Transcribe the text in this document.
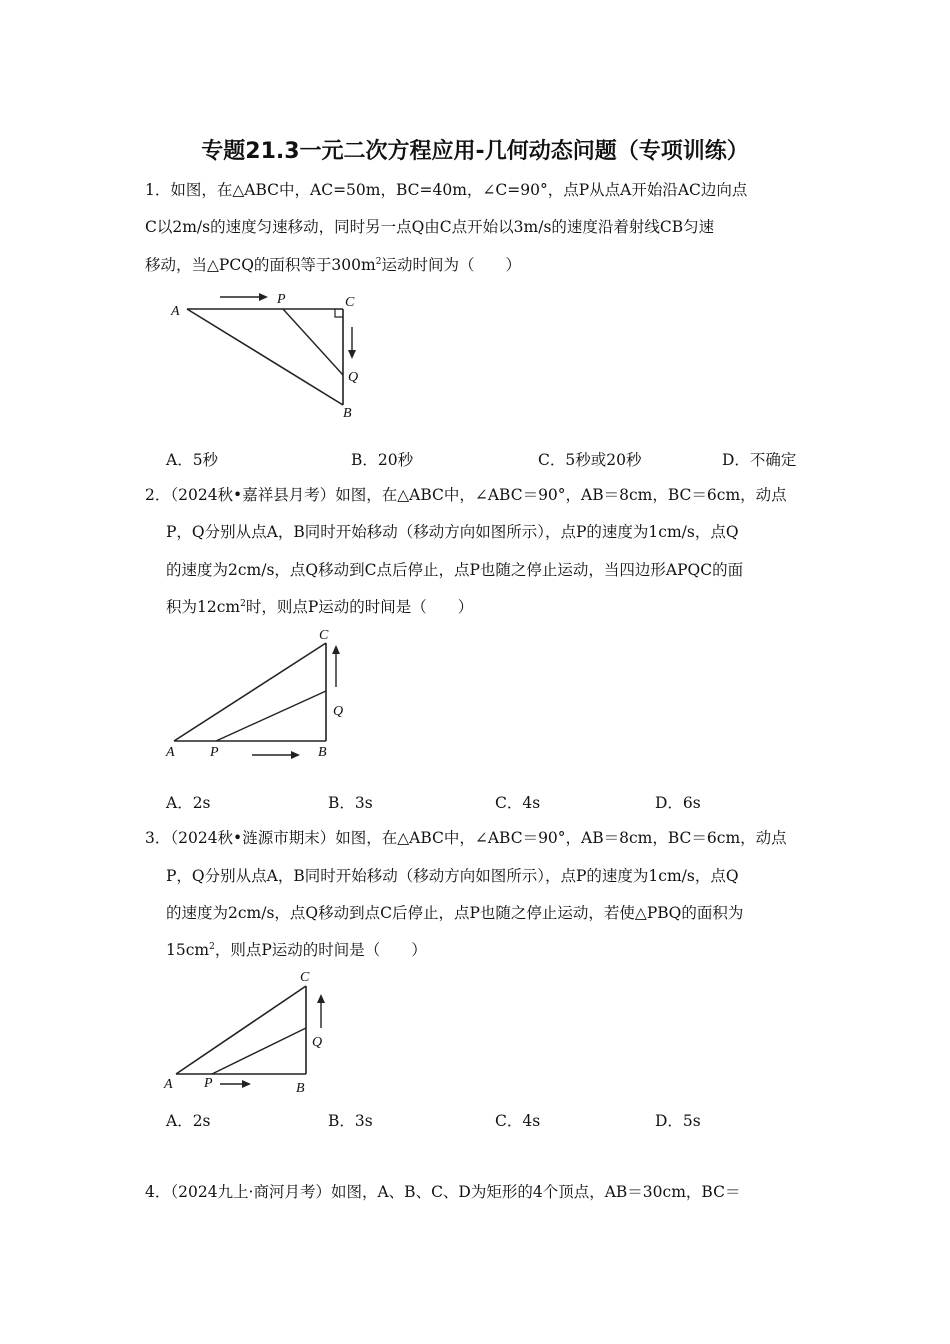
专题21.3一元二次方程应用-几何动态问题（专项训练）
1．如图，在△ABC中，AC=50m，BC=40m，∠C=90°，点P从点A开始沿AC边向点
C以2m/s的速度匀速移动，同时另一点Q由C点开始以3m/s的速度沿着射线CB匀速
移动，当△PCQ的面积等于$300m^2$运动时间为（　　）
A
P	C
Q
B
A．5秒	B．20秒	C．5秒或20秒	D．不确定
2．（2024秋•嘉祥县月考）如图，在△ABC中，∠ABC＝90°，AB＝8cm，BC＝6cm，动点
P，Q分别从点A，B同时开始移动（移动方向如图所示），点P的速度为1cm/s，点Q
的速度为2cm/s，点Q移动到C点后停止，点P也随之停止运动，当四边形APQC的面
积为$12cm^2$时，则点P运动的时间是（　　）
C
Q
A	P	B
A．2s	B．3s	C．4s	D．6s
3．（2024秋•涟源市期末）如图，在△ABC中，∠ABC＝90°，AB＝8cm，BC＝6cm，动点
P，Q分别从点A，B同时开始移动（移动方向如图所示），点P的速度为1cm/s，点Q
的速度为2cm/s，点Q移动到点C后停止，点P也随之停止运动，若使△PBQ的面积为
$15cm^2$，则点P运动的时间是（　　）
C
Q
A P	B
A．2s	B．3s	C．4s	D．5s
4．（2024九上·商河月考）如图，A、B、C、D为矩形的4个顶点，AB＝30cm，BC＝
